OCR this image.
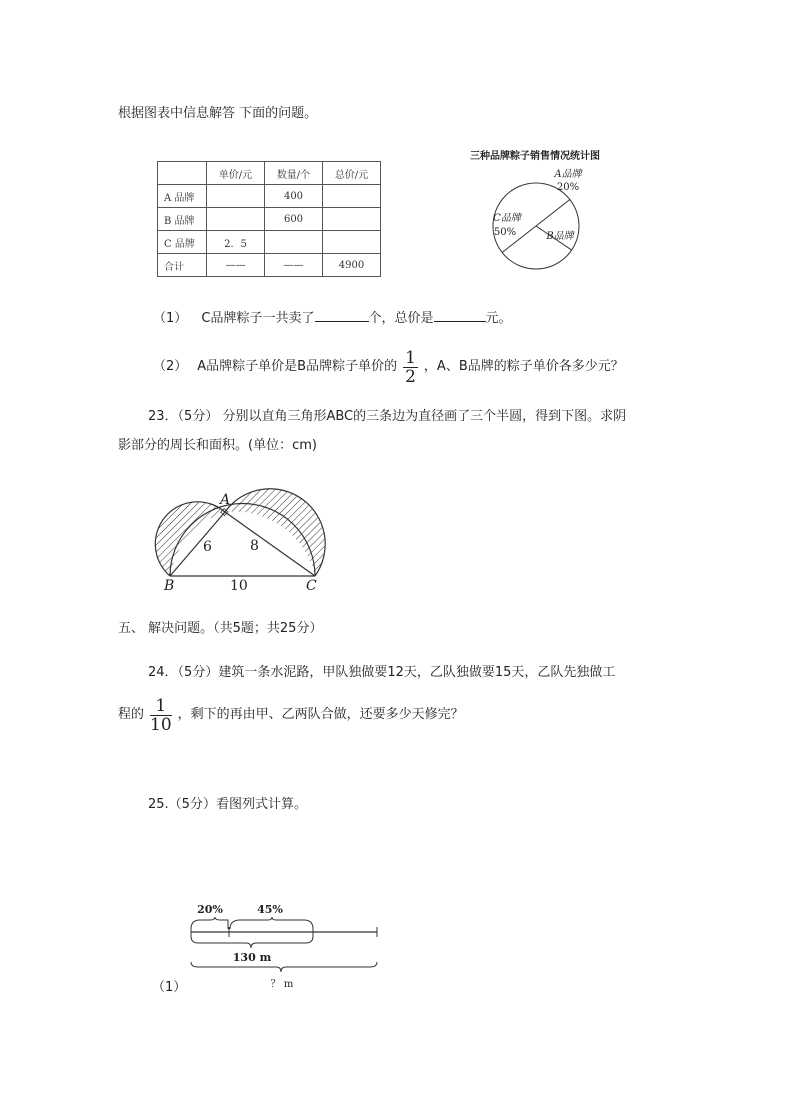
根据图表中信息解答 下面的问题。
	单价/元	数量/个	总价/元
A 品牌		400	
B 品牌		600	
C 品牌	2．5		
合计	——	——	4900
三种品牌粽子销售情况统计图
A品牌
20%
C品牌
50%	B品牌
（1） C品牌粽子一共卖了	个，总价是	元。
（2） A品牌粽子单价是B品牌粽子单价的 $\frac{1}{2}$ ，A、B品牌的粽子单价各多少元？
23．（5分） 分别以直角三角形ABC的三条边为直径画了三个半圆，得到下图。求阴
影部分的周长和面积。(单位：cm)
A
B	C
6	8
10
五、 解决问题。（共5题；共25分）
24．（5分）建筑一条水泥路，甲队独做要12天，乙队独做要15天，乙队先独做工
程的 $\frac{1}{10}$ ，剩下的再由甲、乙两队合做，还要多少天修完？
25.（5分）看图列式计算。
20%	45%
130 m
？ m
（1）
